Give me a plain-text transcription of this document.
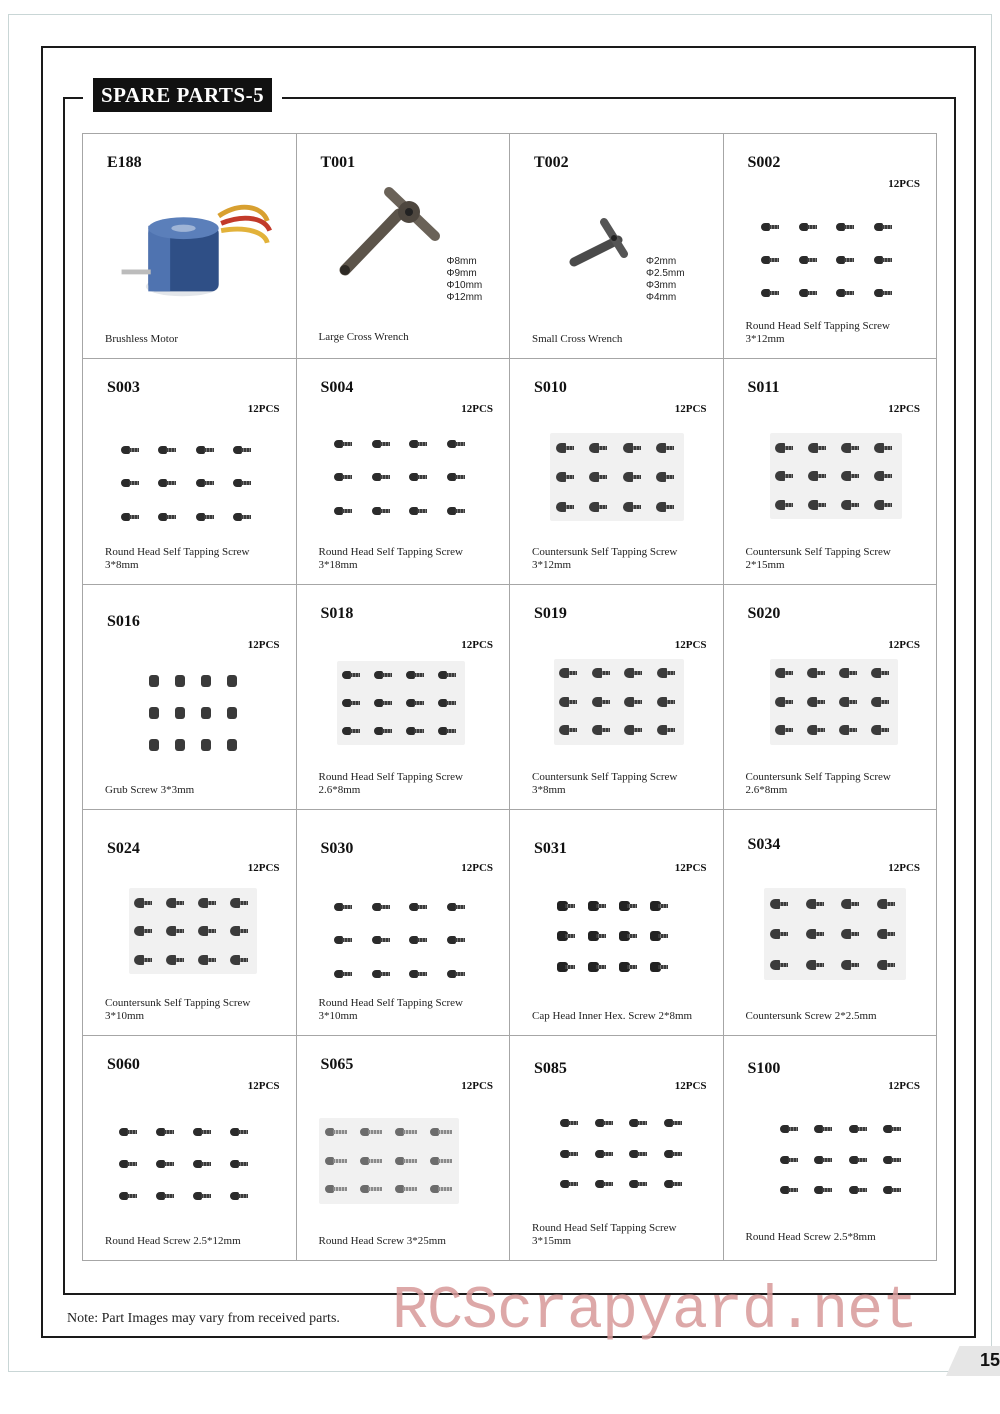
SPARE PARTS-5
E188
Brushless Motor
T001
Φ8mm
Φ9mm
Φ10mm
Φ12mm
Large Cross Wrench
T002
Φ2mm
Φ2.5mm
Φ3mm
Φ4mm
Small Cross Wrench
S002
12PCS
Round Head Self Tapping Screw 3*12mm
S003
12PCS
Round Head Self Tapping Screw 3*8mm
S004
12PCS
Round Head Self Tapping Screw 3*18mm
S010
12PCS
Countersunk Self Tapping Screw 3*12mm
S011
12PCS
Countersunk Self Tapping Screw 2*15mm
S016
12PCS
Grub Screw 3*3mm
S018
12PCS
Round Head Self Tapping Screw 2.6*8mm
S019
12PCS
Countersunk Self Tapping Screw 3*8mm
S020
12PCS
Countersunk Self Tapping Screw 2.6*8mm
S024
12PCS
Countersunk Self Tapping Screw 3*10mm
S030
12PCS
Round Head Self Tapping Screw 3*10mm
S031
12PCS
Cap Head Inner Hex. Screw 2*8mm
S034
12PCS
Countersunk Screw 2*2.5mm
S060
12PCS
Round Head Screw 2.5*12mm
S065
12PCS
Round Head Screw 3*25mm
S085
12PCS
Round Head Self Tapping Screw 3*15mm
S100
12PCS
Round Head Screw 2.5*8mm
Note: Part Images may vary from received parts. RCScrapyard.net
15
